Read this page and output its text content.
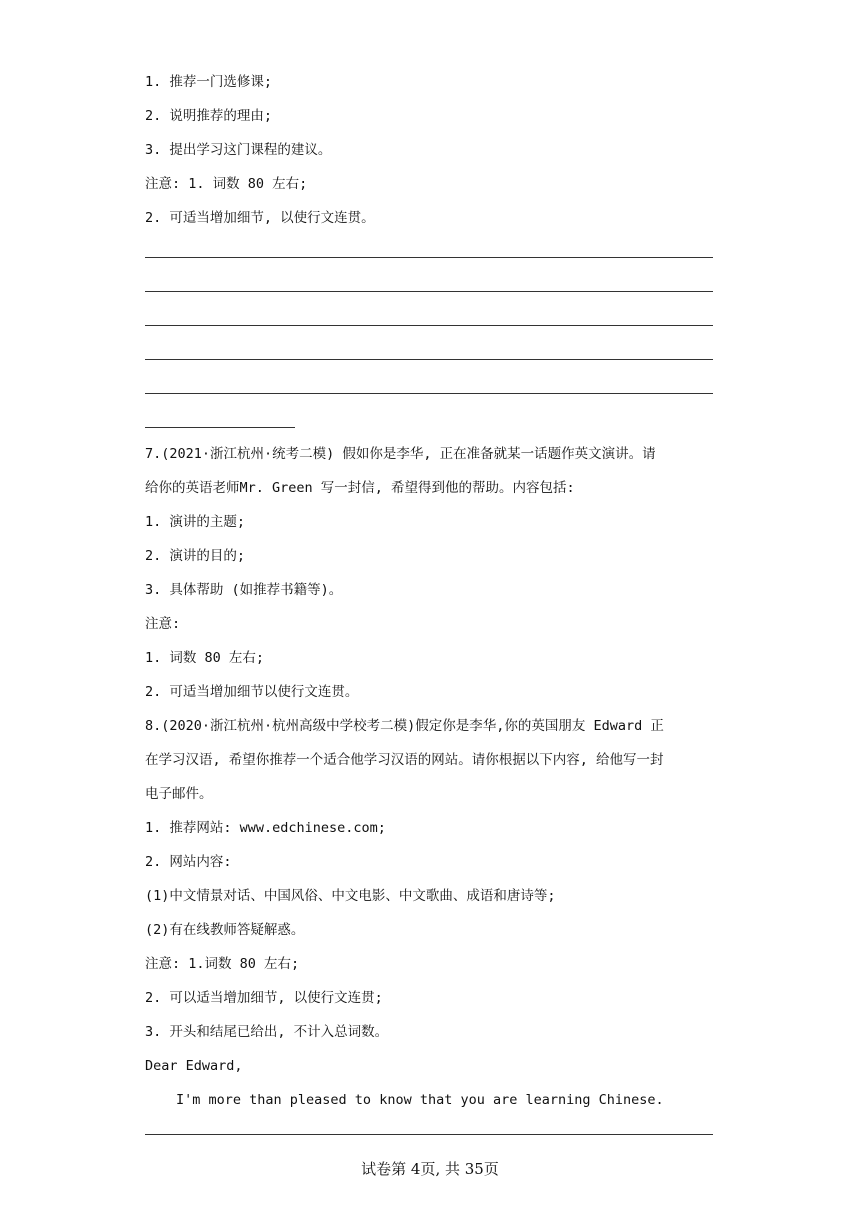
1. 推荐一门选修课;
2. 说明推荐的理由;
3. 提出学习这门课程的建议。
注意: 1. 词数 80 左右;
2. 可适当增加细节, 以使行文连贯。
7.(2021·浙江杭州·统考二模) 假如你是李华, 正在准备就某一话题作英文演讲。请
给你的英语老师Mr. Green 写一封信, 希望得到他的帮助。内容包括:
1. 演讲的主题;
2. 演讲的目的;
3. 具体帮助 (如推荐书籍等)。
注意:
1. 词数 80 左右;
2. 可适当增加细节以使行文连贯。
8.(2020·浙江杭州·杭州高级中学校考二模)假定你是李华,你的英国朋友 Edward 正
在学习汉语, 希望你推荐一个适合他学习汉语的网站。请你根据以下内容, 给他写一封
电子邮件。
1. 推荐网站: www.edchinese.com;
2. 网站内容:
(1)中文情景对话、中国风俗、中文电影、中文歌曲、成语和唐诗等;
(2)有在线教师答疑解惑。
注意: 1.词数 80 左右;
2. 可以适当增加细节, 以使行文连贯;
3. 开头和结尾已给出, 不计入总词数。
Dear Edward,
I'm more than pleased to know that you are learning Chinese.
试卷第 4页, 共 35页
